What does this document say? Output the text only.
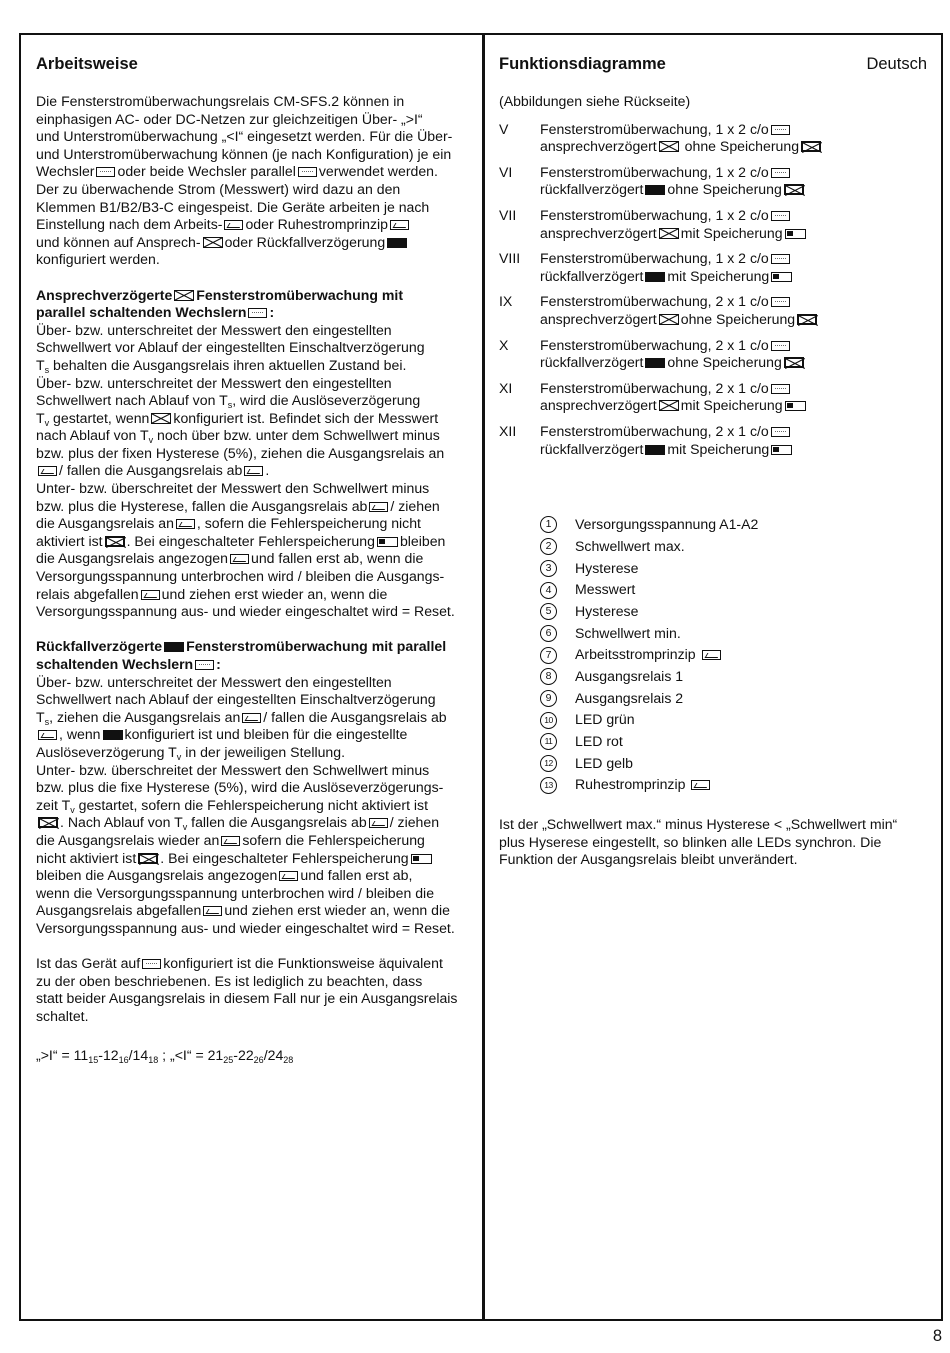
Arbeitsweise

Die Fensterstromüberwachungsrelais CM-SFS.2 können in

einphasigen AC- oder DC-Netzen zur gleichzeitigen Über- „>I“

und Unterstromüberwachung „<I“ eingesetzt werden. Für die Über-

und Unterstromüberwachung können (je nach Konfiguration) je ein

Wechsler oder beide Wechsler parallel verwendet werden.

Der zu überwachende Strom (Messwert) wird dazu an den

Klemmen B1/B2/B3-C eingespeist. Die Geräte arbeiten je nach

Einstellung nach dem Arbeits- oder Ruhestromprinzip

und können auf Ansprech- oder Rückfallverzögerung

konfiguriert werden.

Ansprechverzögerte Fensterstromüberwachung mit

parallel schaltenden Wechslern :

Über- bzw. unterschreitet der Messwert den eingestellten

Schwellwert vor Ablauf der eingestellten Einschaltverzögerung

$T_s$ behalten die Ausgangsrelais ihren aktuellen Zustand bei.

Über- bzw. unterschreitet der Messwert den eingestellten

Schwellwert nach Ablauf von $T_s$, wird die Auslöseverzögerung

$T_v$ gestartet, wenn konfiguriert ist. Befindet sich der Messwert

nach Ablauf von $T_v$ noch über bzw. unter dem Schwellwert minus

bzw. plus der fixen Hysterese (5%), ziehen die Ausgangsrelais an

/ fallen die Ausgangsrelais ab .

Unter- bzw. überschreitet der Messwert den Schwellwert minus

bzw. plus die Hysterese, fallen die Ausgangsrelais ab / ziehen

die Ausgangsrelais an , sofern die Fehlerspeicherung nicht

aktiviert ist . Bei eingeschalteter Fehlerspeicherung bleiben

die Ausgangsrelais angezogen und fallen erst ab, wenn die

Versorgungsspannung unterbrochen wird / bleiben die Ausgangs-

relais abgefallen und ziehen erst wieder an, wenn die

Versorgungsspannung aus- und wieder eingeschaltet wird = Reset.

Rückfallverzögerte Fensterstromüberwachung mit parallel

schaltenden Wechslern :

Über- bzw. unterschreitet der Messwert den eingestellten

Schwellwert nach Ablauf der eingestellten Einschaltverzögerung

$T_s$, ziehen die Ausgangsrelais an / fallen die Ausgangsrelais ab

, wenn konfiguriert ist und bleiben für die eingestellte

Auslöseverzögerung $T_v$ in der jeweiligen Stellung.

Unter- bzw. überschreitet der Messwert den Schwellwert minus

bzw. plus die fixe Hysterese (5%), wird die Auslöseverzögerungs-

zeit $T_v$ gestartet, sofern die Fehlerspeicherung nicht aktiviert ist

. Nach Ablauf von $T_v$ fallen die Ausgangsrelais ab / ziehen

die Ausgangsrelais wieder an sofern die Fehlerspeicherung

nicht aktiviert ist . Bei eingeschalteter Fehlerspeicherung

bleiben die Ausgangsrelais angezogen und fallen erst ab,

wenn die Versorgungsspannung unterbrochen wird / bleiben die

Ausgangsrelais abgefallen und ziehen erst wieder an, wenn die

Versorgungsspannung aus- und wieder eingeschaltet wird = Reset.

Ist das Gerät auf konfiguriert ist die Funktionsweise äquivalent

zu der oben beschriebenen. Es ist lediglich zu beachten, dass

statt beider Ausgangsrelais in diesem Fall nur je ein Ausgangsrelais

schaltet.

„>I“ = $11_{15}-12_{16}/14_{18}$ ; „<I“ = $21_{25}-22_{26}/24_{28}$

Deutsch
Funktionsdiagramme

(Abbildungen siehe Rückseite)

V	Fensterstromüberwachung, 1 x 2 c/o

ansprechverzögert ohne Speicherung

VI	Fensterstromüberwachung, 1 x 2 c/o

rückfallverzögert ohne Speicherung

VII	Fensterstromüberwachung, 1 x 2 c/o

ansprechverzögert mit Speicherung

VIII	Fensterstromüberwachung, 1 x 2 c/o

rückfallverzögert mit Speicherung

IX	Fensterstromüberwachung, 2 x 1 c/o

ansprechverzögert ohne Speicherung

X	Fensterstromüberwachung, 2 x 1 c/o

rückfallverzögert ohne Speicherung

XI	Fensterstromüberwachung, 2 x 1 c/o

ansprechverzögert mit Speicherung

XII	Fensterstromüberwachung, 2 x 1 c/o

rückfallverzögert mit Speicherung

1	Versorgungsspannung A1-A2
2	Schwellwert max.
3	Hysterese
4	Messwert
5	Hysterese
6	Schwellwert min.
7	Arbeitsstromprinzip
8	Ausgangsrelais 1
9	Ausgangsrelais 2
10	LED grün
11	LED rot
12	LED gelb
13	Ruhestromprinzip

Ist der „Schwellwert max.“ minus Hysterese < „Schwellwert min“

plus Hyserese eingestellt, so blinken alle LEDs synchron. Die

Funktion der Ausgangsrelais bleibt unverändert.

8
